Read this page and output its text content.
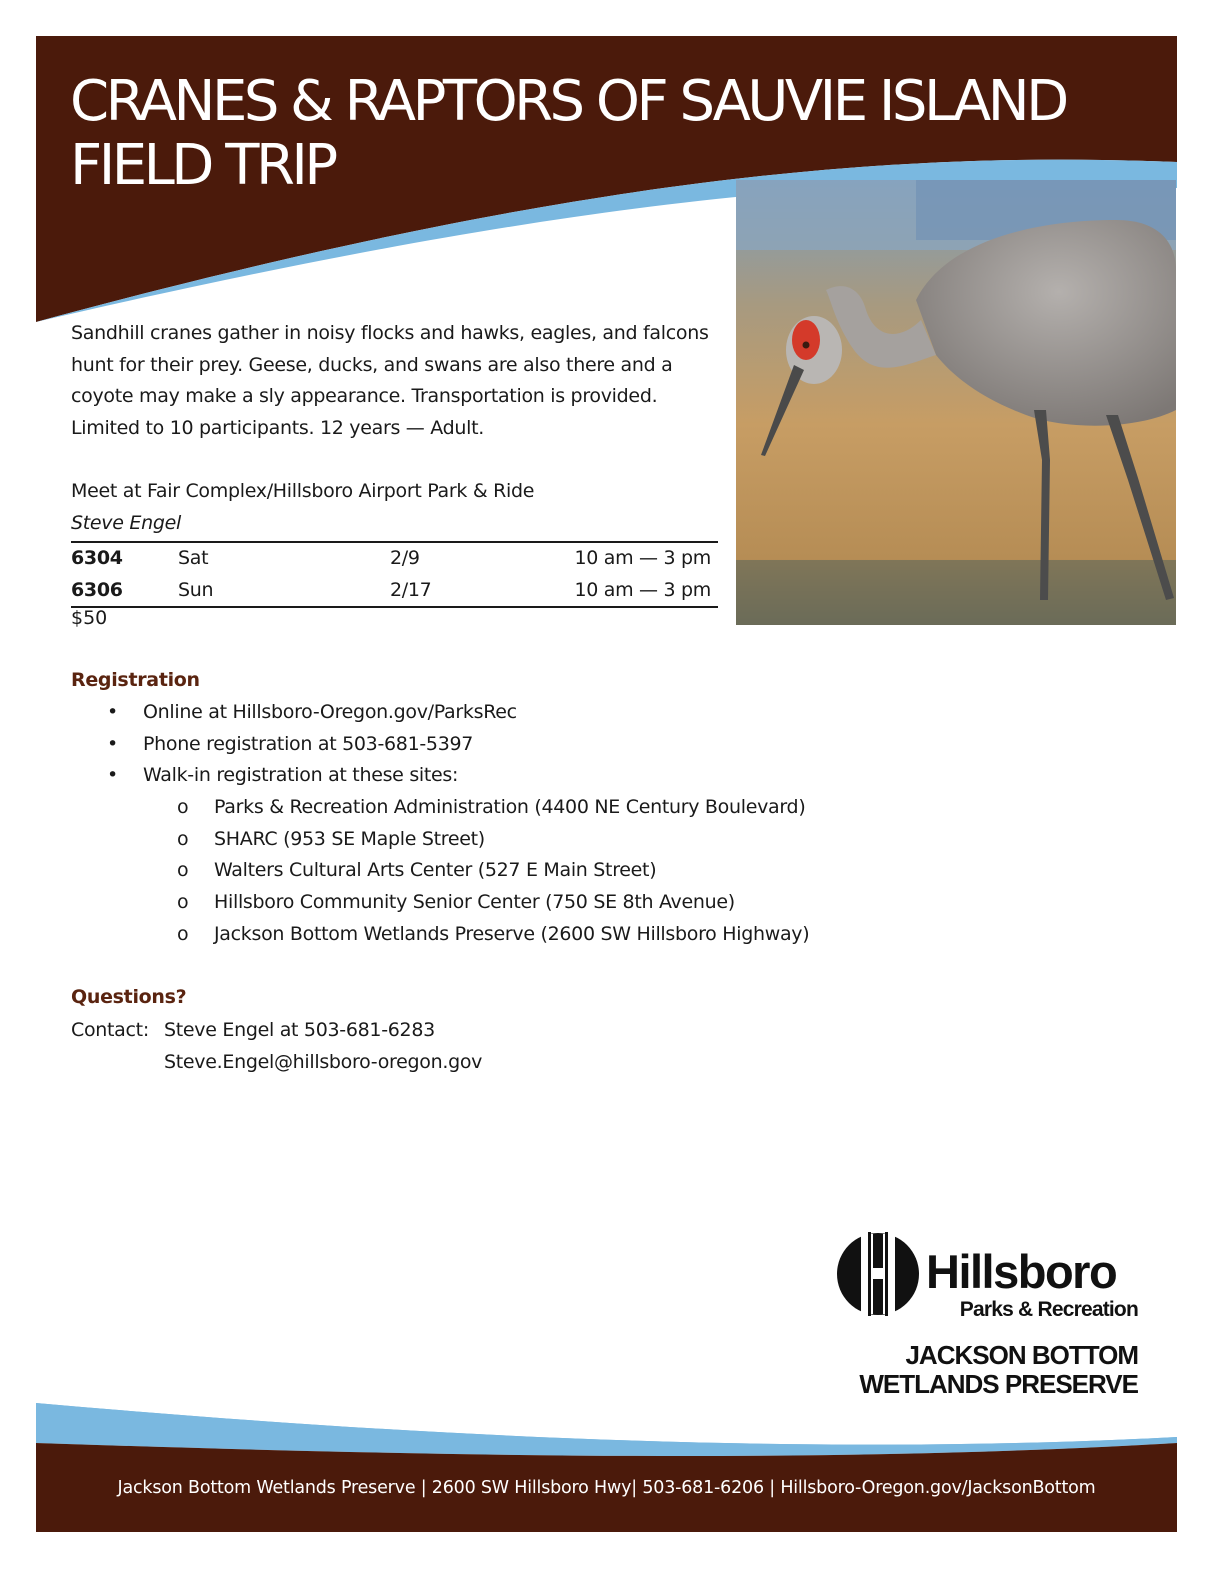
CRANES & RAPTORS OF SAUVIE ISLAND
FIELD TRIP

Sandhill cranes gather in noisy flocks and hawks, eagles, and falcons hunt for their prey. Geese, ducks, and swans are also there and a coyote may make a sly appearance. Transportation is provided. Limited to 10 participants. 12 years — Adult.

Meet at Fair Complex/Hillsboro Airport Park & Ride
Steve Engel
6304	Sat	2/9	10 am — 3 pm
6306	Sun	2/17	10 am — 3 pm
$50
Registration
• Online at Hillsboro-Oregon.gov/ParksRec
• Phone registration at 503-681-5397
• Walk-in registration at these sites:
o Parks & Recreation Administration (4400 NE Century Boulevard)
o SHARC (953 SE Maple Street)
o Walters Cultural Arts Center (527 E Main Street)
o Hillsboro Community Senior Center (750 SE 8th Avenue)
o Jackson Bottom Wetlands Preserve (2600 SW Hillsboro Highway)
Questions?
Contact: Steve Engel at 503-681-6283
Steve.Engel@hillsboro-oregon.gov
Hillsboro
Parks & Recreation
JACKSON BOTTOM
WETLANDS PRESERVE
Jackson Bottom Wetlands Preserve | 2600 SW Hillsboro Hwy| 503-681-6206 | Hillsboro-Oregon.gov/JacksonBottom
